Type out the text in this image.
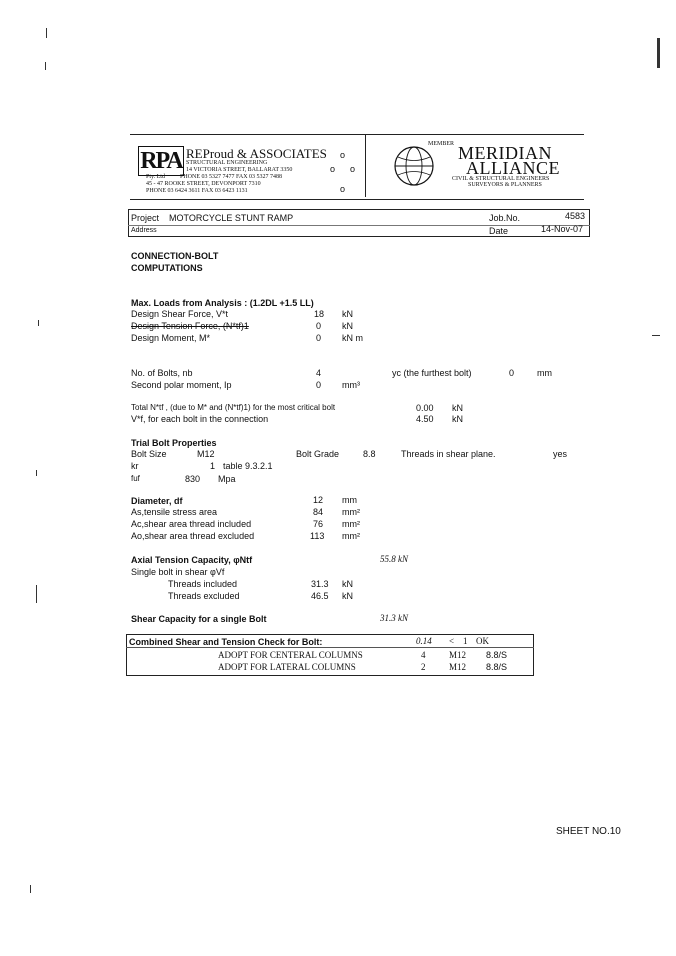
RPA REProud & ASSOCIATES
STRUCTURAL ENGINEERING
14 VICTORIA STREET, BALLARAT 3350
Pty. Ltd	PHONE 03 5327 7477 FAX 03 5327 7488
45 - 47 ROOKE STREET, DEVONPORT 7310
PHONE 03 6424 3611 FAX 03 6423 1131
o
o o
o
MEMBER MERIDIAN
ALLIANCE
CIVIL & STRUCTURAL ENGINEERS
SURVEYORS & PLANNERS
Project MOTORCYCLE STUNT RAMP
Address
Job.No.	4583
Date	14-Nov-07
CONNECTION-BOLT
COMPUTATIONS
Max. Loads from Analysis : (1.2DL +1.5 LL)
Design Shear Force, V*t	18 kN
Design Tension Force, (N*tf)1	0 kN
Design Moment, M*	0 kN m
No. of Bolts, nb	4	yc (the furthest bolt)	0	mm
Second polar moment, Ip	0 mm³
Total N*tf , (due to M* and (N*tf)1) for the most critical bolt	0.00 kN
V*f, for each bolt in the connection	4.50 kN
Trial Bolt Properties
Bolt Size	M12	Bolt Grade	8.8	Threads in shear plane.	yes
kr	1 table 9.3.2.1
fuf	830 Mpa
Diameter, df	12 mm
As,tensile stress area	84 mm²
Ac,shear area thread included	76 mm²
Ao,shear area thread excluded	113 mm²
Axial Tension Capacity, φNtf	55.8 kN
Single bolt in shear φVf
Threads included	31.3 kN
Threads excluded	46.5 kN
Shear Capacity for a single Bolt	31.3 kN
Combined Shear and Tension Check for Bolt:	0.14 < 1 OK
ADOPT FOR CENTERAL COLUMNS	4	M12 8.8/S
ADOPT FOR LATERAL COLUMNS	2	M12 8.8/S
SHEET NO.10
